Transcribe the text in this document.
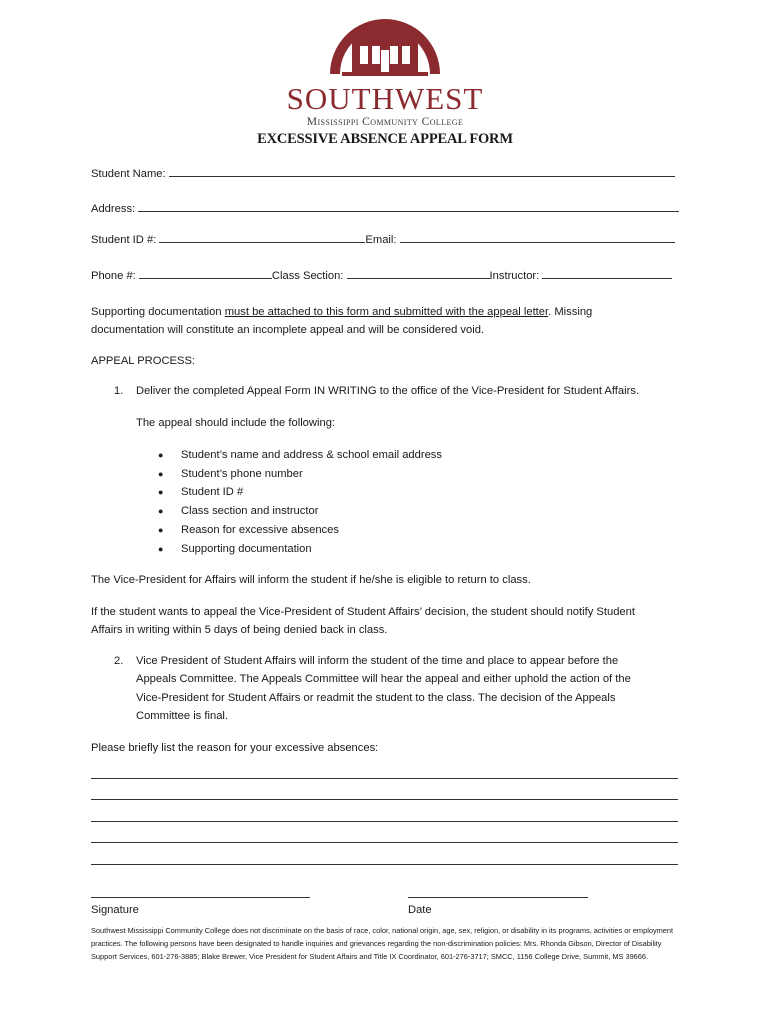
SOUTHWEST
Mississippi Community College
EXCESSIVE ABSENCE APPEAL FORM
Student Name:
Address:
Student ID #:	Email:
Phone #:	Class Section:	Instructor:
Supporting documentation must be attached to this form and submitted with the appeal letter. Missing
documentation will constitute an incomplete appeal and will be considered void.
APPEAL PROCESS:
1. Deliver the completed Appeal Form IN WRITING to the office of the Vice-President for Student Affairs.
The appeal should include the following:
● Student’s name and address & school email address
● Student’s phone number
● Student ID #
● Class section and instructor
● Reason for excessive absences
● Supporting documentation
The Vice-President for Affairs will inform the student if he/she is eligible to return to class.
If the student wants to appeal the Vice-President of Student Affairs’ decision, the student should notify Student
Affairs in writing within 5 days of being denied back in class.
2. Vice President of Student Affairs will inform the student of the time and place to appear before the
Appeals Committee. The Appeals Committee will hear the appeal and either uphold the action of the
Vice-President for Student Affairs or readmit the student to the class. The decision of the Appeals
Committee is final.
Please briefly list the reason for your excessive absences:
Signature	Date
Southwest Mississippi Community College does not discriminate on the basis of race, color, national origin, age, sex, religion, or disability in its programs, activities or employment practices. The following persons have been designated to handle inquiries and grievances regarding the non-discrimination policies: Mrs. Rhonda Gibson, Director of Disability Support Services, 601-276-3885; Blake Brewer, Vice President for Student Affairs and Title IX Coordinator, 601-276-3717; SMCC, 1156 College Drive, Summit, MS 39666.
